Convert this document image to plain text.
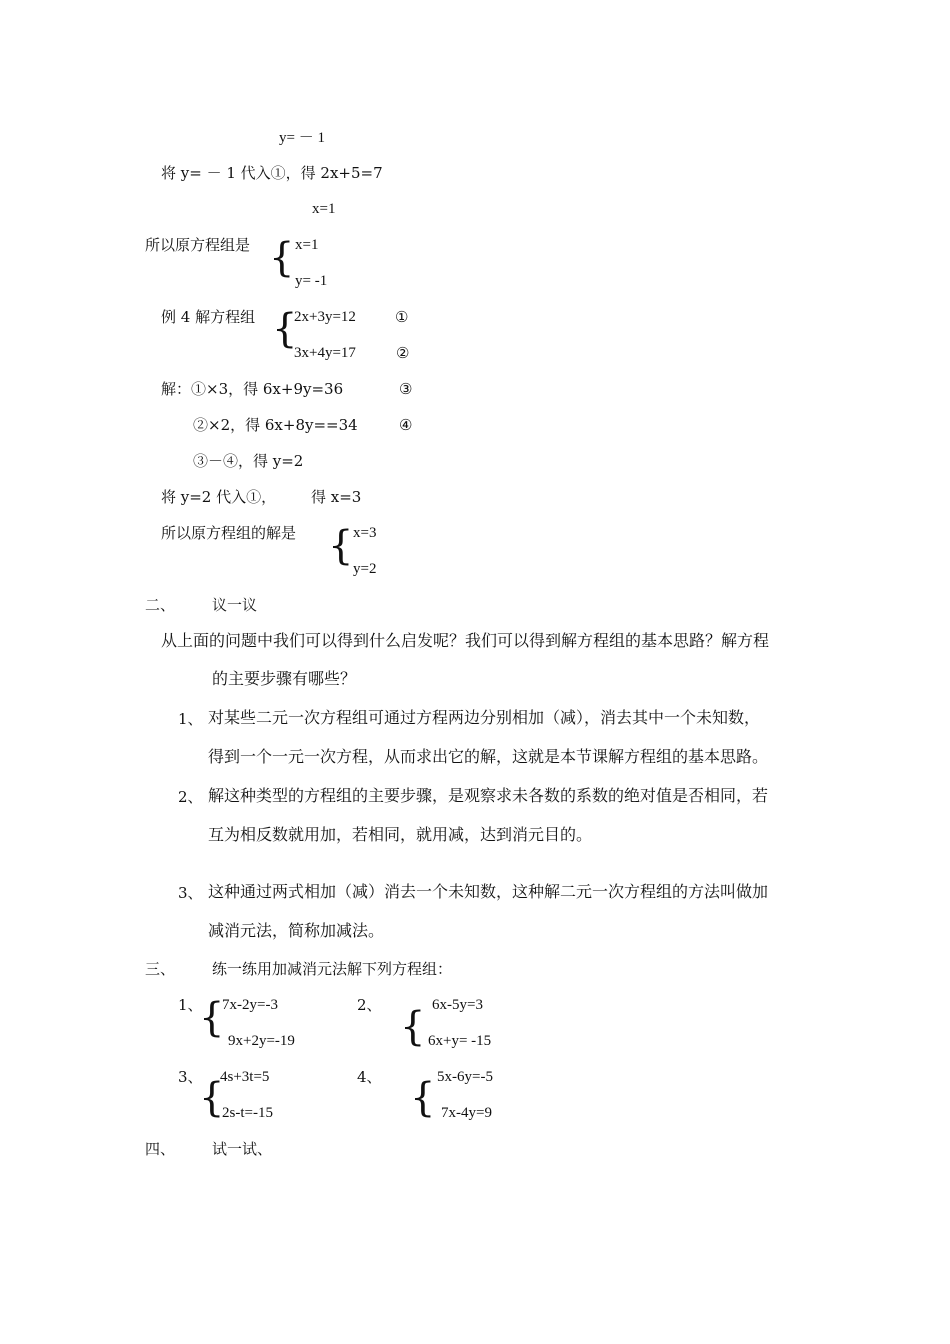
y= － 1
将 y= － 1 代入①，得 2x+5=7
x=1
所以原方程组是 { x=1
y= -1
例 4 解方程组 {
2x+3y=12	①
3x+4y=17	②
解：①×3，得 6x+9y=36	③
②×2，得 6x+8y==34	④
③－④，得 y=2
将 y=2 代入①， 得 x=3
所以原方程组的解是 { x=3
y=2
二、 议一议
从上面的问题中我们可以得到什么启发呢？我们可以得到解方程组的基本思路？解方程
的主要步骤有哪些？
1、 对某些二元一次方程组可通过方程两边分别相加（减），消去其中一个未知数，
得到一个一元一次方程，从而求出它的解，这就是本节课解方程组的基本思路。
2、 解这种类型的方程组的主要步骤，是观察求未各数的系数的绝对值是否相同，若
互为相反数就用加，若相同，就用减，达到消元目的。
3、 这种通过两式相加（减）消去一个未知数，这种解二元一次方程组的方法叫做加
减消元法，简称加减法。
三、 练一练用加减消元法解下列方程组：
1、
{
7x-2y=-3
9x+2y=-19
2、 { 6x-5y=3
6x+y= -15
3、
{
4s+3t=5
2s-t=-15
4、 { 5x-6y=-5
7x-4y=9
四、 试一试、
